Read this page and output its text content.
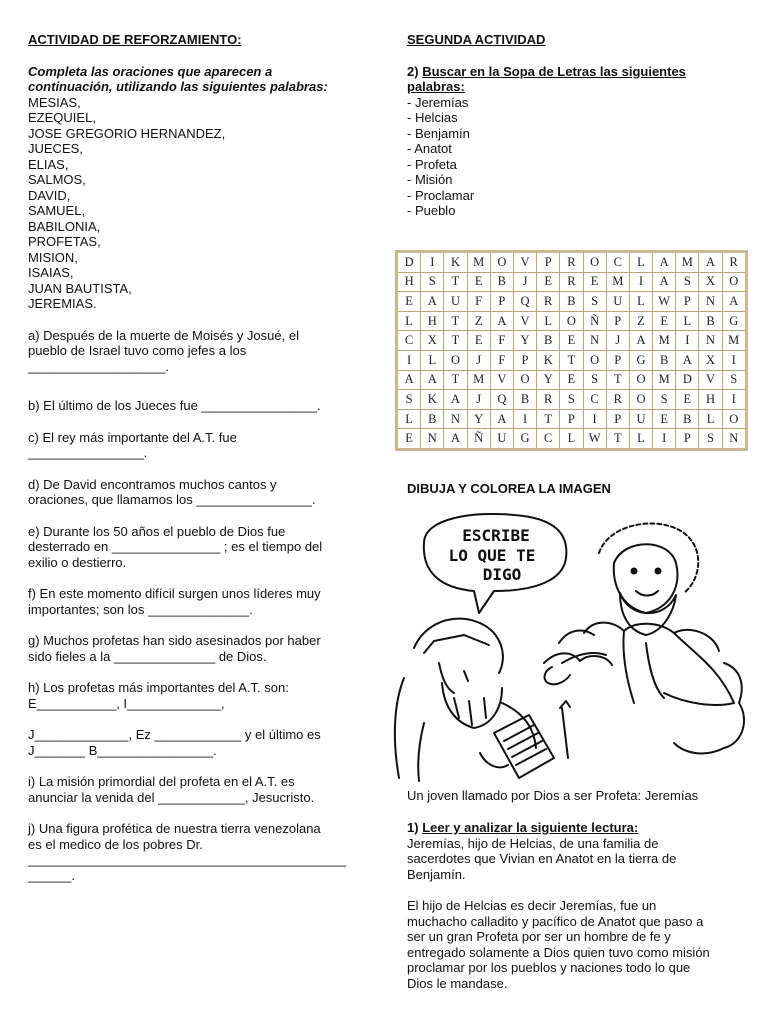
ACTIVIDAD DE REFORZAMIENTO:
Completa las oraciones que aparecen a
continuación, utilizando las siguientes palabras:
MESIAS,
EZEQUIEL,
JOSE GREGORIO HERNANDEZ,
JUECES,
ELIAS,
SALMOS,
DAVID,
SAMUEL,
BABILONIA,
PROFETAS,
MISION,
ISAIAS,
JUAN BAUTISTA,
JEREMIAS.
a) Después de la muerte de Moisés y Josué, el
pueblo de Israel tuvo como jefes a los
___________________.
b) El último de los Jueces fue ________________.
c) El rey más importante del A.T. fue
________________.
d) De David encontramos muchos cantos y
oraciones, que llamamos los ________________.
e) Durante los 50 años el pueblo de Dios fue
desterrado en _______________ ; es el tiempo del
exilio o destierro.
f) En este momento difícil surgen unos líderes muy
importantes; son los ______________.
g) Muchos profetas han sido asesinados por haber
sido fieles a la ______________ de Dios.
h) Los profetas más importantes del A.T. son:
E___________, I_____________,
J_____________, Ez ____________ y el último es
J_______ B________________.
i) La misión primordial del profeta en el A.T. es
anunciar la venida del ____________, Jesucristo.
j) Una figura profética de nuestra tierra venezolana
es el medico de los pobres Dr.
____________________________________________
______.
SEGUNDA ACTIVIDAD
2) Buscar en la Sopa de Letras las siguientes palabras:
- Jeremías
- Helcias
- Benjamín
- Anatot
- Profeta
- Misión
- Proclamar
- Pueblo
D	I	K	M	O	V	P	R	O	C	L	A	M	A	R
H	S	T	E	B	J	E	R	E	M	I	A	S	X	O
E	A	U	F	P	Q	R	B	S	U	L	W	P	N	A
L	H	T	Z	A	V	L	O	Ñ	P	Z	E	L	B	G
C	X	T	E	F	Y	B	E	N	J	A	M	I	N	M
I	L	O	J	F	P	K	T	O	P	G	B	A	X	I
A	A	T	M	V	O	Y	E	S	T	O	M	D	V	S
S	K	A	J	Q	B	R	S	C	R	O	S	E	H	I
L	B	N	Y	A	I	T	P	I	P	U	E	B	L	O
E	N	A	Ñ	U	G	C	L	W	T	L	I	P	S	N
DIBUJA Y COLOREA LA IMAGEN
ESCRIBE
LO QUE TE
DIGO
Un joven llamado por Dios a ser Profeta: Jeremías
1) Leer y analizar la siguiente lectura:

Jeremías, hijo de Helcias, de una familia de
sacerdotes que Vivian en Anatot en la tierra de
Benjamín.

El hijo de Helcias es decir Jeremías, fue un
muchacho calladito y pacífico de Anatot que paso a
ser un gran Profeta por ser un hombre de fe y
entregado solamente a Dios quien tuvo como misión
proclamar por los pueblos y naciones todo lo que
Dios le mandase.
